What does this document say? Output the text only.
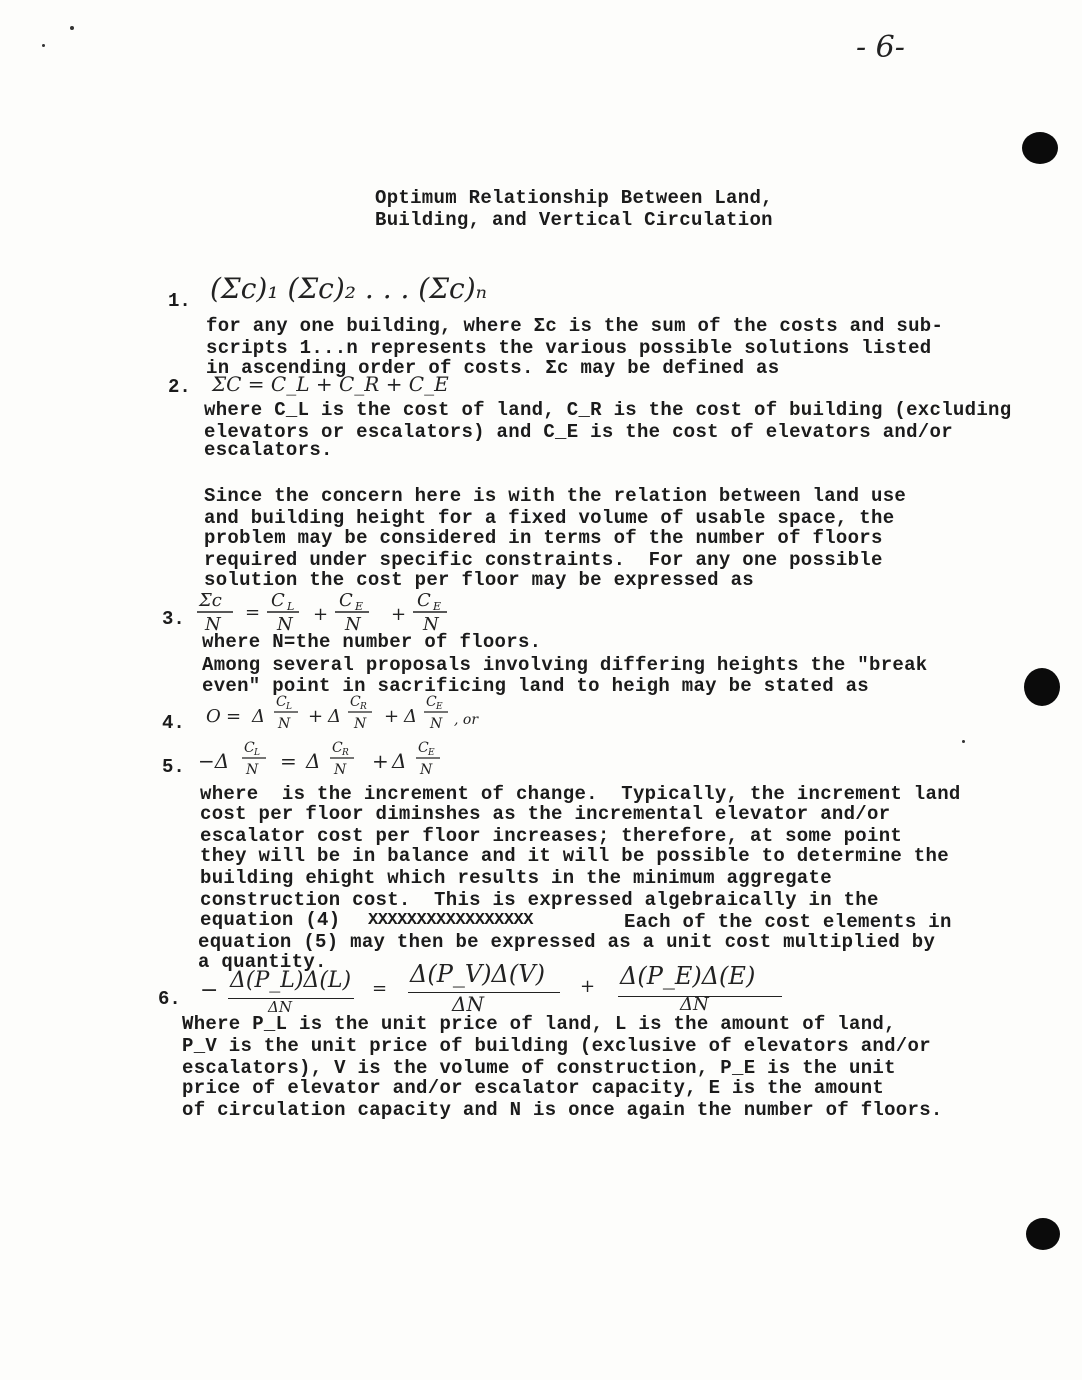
- 6-
Optimum Relationship Between Land,
Building, and Vertical Circulation
1. (Σc)₁ (Σc)₂ . . . (Σc)ₙ
for any one building, where Σc is the sum of the costs and sub-
scripts 1...n represents the various possible solutions listed
in ascending order of costs. Σc may be defined as
2. ΣC = C_L + C_R + C_E
where C_L is the cost of land, C_R is the cost of building (excluding
elevators or escalators) and C_E is the cost of elevators and/or
escalators.
Since the concern here is with the relation between land use
and building height for a fixed volume of usable space, the
problem may be considered in terms of the number of floors
required under specific constraints.  For any one possible
solution the cost per floor may be expressed as
3.
Σc
N
=
C L
N +
C E
N +
C E
N
where N=the number of floors.
Among several proposals involving differing heights the "break
even" point in sacrificing land to heigh may be stated as
4. O = Δ
C L
N + Δ
C R
N + Δ
C E
N , or
5. −Δ
C L
N = Δ
C R
N + Δ
C E
N
where  is the increment of change.  Typically, the increment land
cost per floor diminshes as the incremental elevator and/or
escalator cost per floor increases; therefore, at some point
they will be in balance and it will be possible to determine the
building ehight which results in the minimum aggregate
construction cost.  This is expressed algebraically in the
equation (4) XXXXXXXXXXXXXXXXX	Each of the cost elements in
equation (5) may then be expressed as a unit cost multiplied by
a quantity.
6. − Δ(P_L)Δ(L)
ΔN
=
Δ(P_V)Δ(V)
ΔN
+ Δ(P_E)Δ(E)
ΔN
Where P_L is the unit price of land, L is the amount of land,
P_V is the unit price of building (exclusive of elevators and/or
escalators), V is the volume of construction, P_E is the unit
price of elevator and/or escalator capacity, E is the amount
of circulation capacity and N is once again the number of floors.
